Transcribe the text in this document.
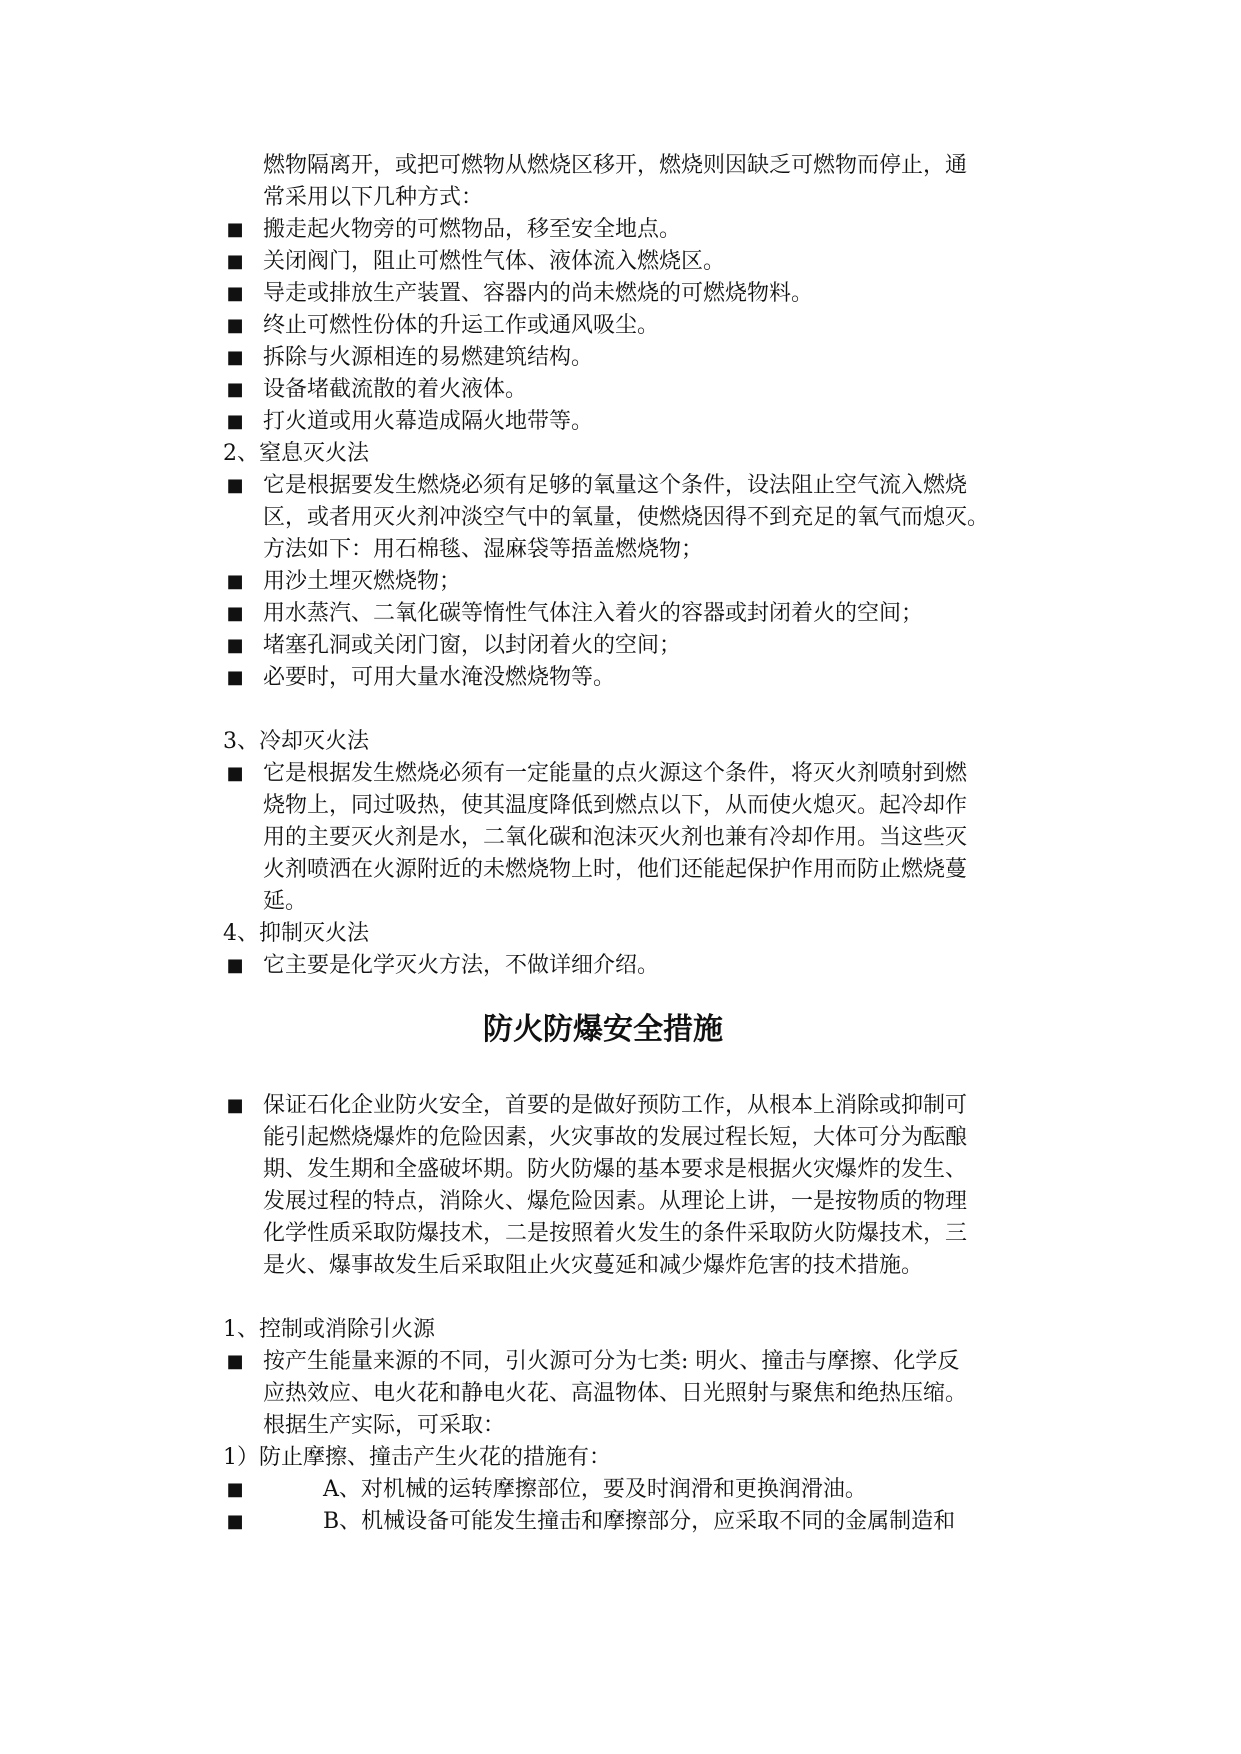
燃物隔离开，或把可燃物从燃烧区移开，燃烧则因缺乏可燃物而停止，通
常采用以下几种方式：
■ 搬走起火物旁的可燃物品，移至安全地点。
■ 关闭阀门，阻止可燃性气体、液体流入燃烧区。
■ 导走或排放生产装置、容器内的尚未燃烧的可燃烧物料。
■ 终止可燃性份体的升运工作或通风吸尘。
■ 拆除与火源相连的易燃建筑结构。
■ 设备堵截流散的着火液体。
■ 打火道或用火幕造成隔火地带等。
2、窒息灭火法
■ 它是根据要发生燃烧必须有足够的氧量这个条件，设法阻止空气流入燃烧
区，或者用灭火剂冲淡空气中的氧量，使燃烧因得不到充足的氧气而熄灭。
方法如下：用石棉毯、湿麻袋等捂盖燃烧物；
■ 用沙土埋灭燃烧物；
■ 用水蒸汽、二氧化碳等惰性气体注入着火的容器或封闭着火的空间；
■ 堵塞孔洞或关闭门窗，以封闭着火的空间；
■ 必要时，可用大量水淹没燃烧物等。
3、冷却灭火法
■ 它是根据发生燃烧必须有一定能量的点火源这个条件，将灭火剂喷射到燃
烧物上，同过吸热，使其温度降低到燃点以下，从而使火熄灭。起冷却作
用的主要灭火剂是水，二氧化碳和泡沫灭火剂也兼有冷却作用。当这些灭
火剂喷洒在火源附近的未燃烧物上时，他们还能起保护作用而防止燃烧蔓
延。
4、抑制灭火法
■ 它主要是化学灭火方法，不做详细介绍。
防火防爆安全措施
■ 保证石化企业防火安全，首要的是做好预防工作，从根本上消除或抑制可
能引起燃烧爆炸的危险因素，火灾事故的发展过程长短，大体可分为酝酿
期、发生期和全盛破坏期。防火防爆的基本要求是根据火灾爆炸的发生、
发展过程的特点，消除火、爆危险因素。从理论上讲，一是按物质的物理
化学性质采取防爆技术，二是按照着火发生的条件采取防火防爆技术，三
是火、爆事故发生后采取阻止火灾蔓延和减少爆炸危害的技术措施。
1、控制或消除引火源
■ 按产生能量来源的不同，引火源可分为七类: 明火、撞击与摩擦、化学反
应热效应、电火花和静电火花、高温物体、日光照射与聚焦和绝热压缩。
根据生产实际，可采取：
1）防止摩擦、撞击产生火花的措施有：
■	A、对机械的运转摩擦部位，要及时润滑和更换润滑油。
■	B、机械设备可能发生撞击和摩擦部分，应采取不同的金属制造和
